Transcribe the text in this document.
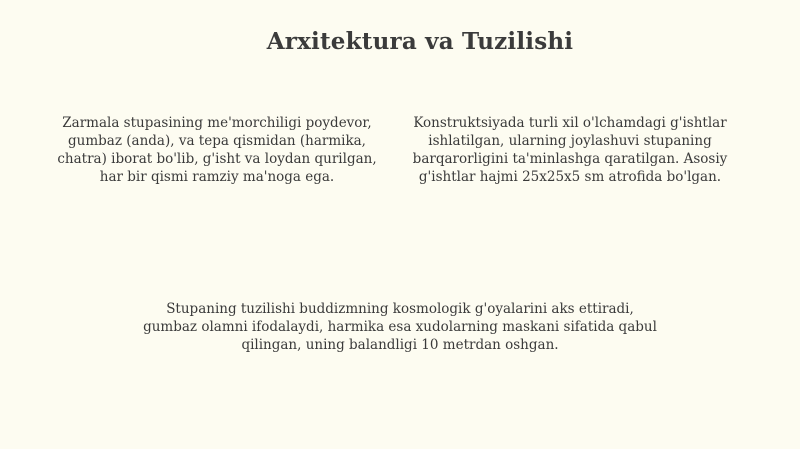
Arxitektura va Tuzilishi
Zarmala stupasining me'morchiligi poydevor, gumbaz (anda), va tepa qismidan (harmika, chatra) iborat bo'lib, g'isht va loydan qurilgan, har bir qismi ramziy ma'noga ega.
Konstruktsiyada turli xil o'lchamdagi g'ishtlar ishlatilgan, ularning joylashuvi stupaning barqarorligini ta'minlashga qaratilgan. Asosiy g'ishtlar hajmi 25x25x5 sm atrofida bo'lgan.
Stupaning tuzilishi buddizmning kosmologik g'oyalarini aks ettiradi, gumbaz olamni ifodalaydi, harmika esa xudolarning maskani sifatida qabul qilingan, uning balandligi 10 metrdan oshgan.
